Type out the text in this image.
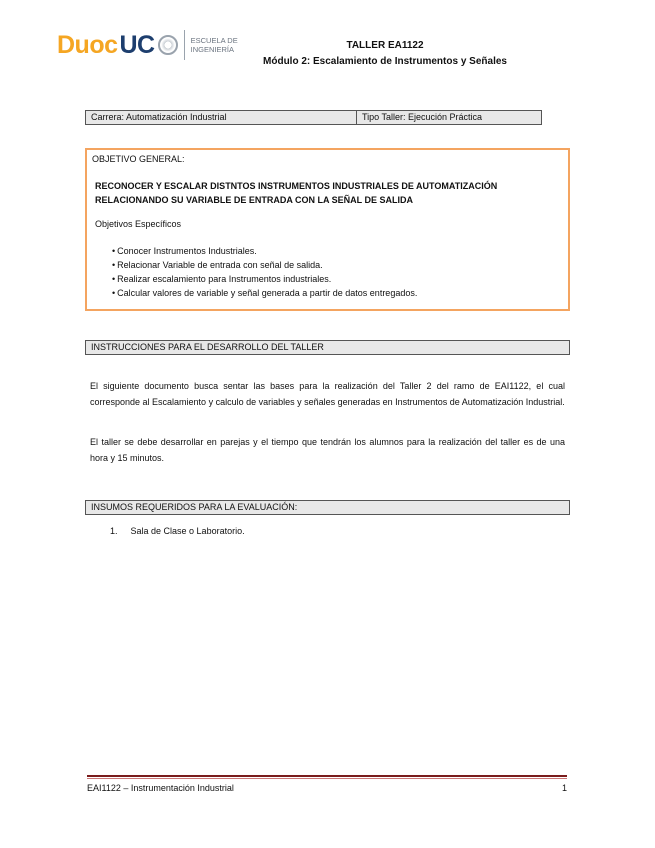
Duoc UC	ESCUELA DE
INGENIERÍA	TALLER EA1122
Módulo 2: Escalamiento de Instrumentos y Señales
Carrera: Automatización Industrial	Tipo Taller: Ejecución Práctica
OBJETIVO GENERAL:
RECONOCER Y ESCALAR DISTNTOS INSTRUMENTOS INDUSTRIALES DE AUTOMATIZACIÓN RELACIONANDO SU VARIABLE DE ENTRADA CON LA SEÑAL DE SALIDA
Objetivos Específicos
• Conocer Instrumentos Industriales.
• Relacionar Variable de entrada con señal de salida.
• Realizar escalamiento para Instrumentos industriales.
• Calcular valores de variable y señal generada a partir de datos entregados.
INSTRUCCIONES PARA EL DESARROLLO DEL TALLER
El siguiente documento busca sentar las bases para la realización del Taller 2 del ramo de EAI1122, el cual corresponde al Escalamiento y calculo de variables y señales generadas en Instrumentos de Automatización Industrial.
El taller se debe desarrollar en parejas y el tiempo que tendrán los alumnos para la realización del taller es de una hora y 15 minutos.
INSUMOS REQUERIDOS PARA LA EVALUACIÓN:
1. Sala de Clase o Laboratorio.
EAI1122 – Instrumentación Industrial	1
